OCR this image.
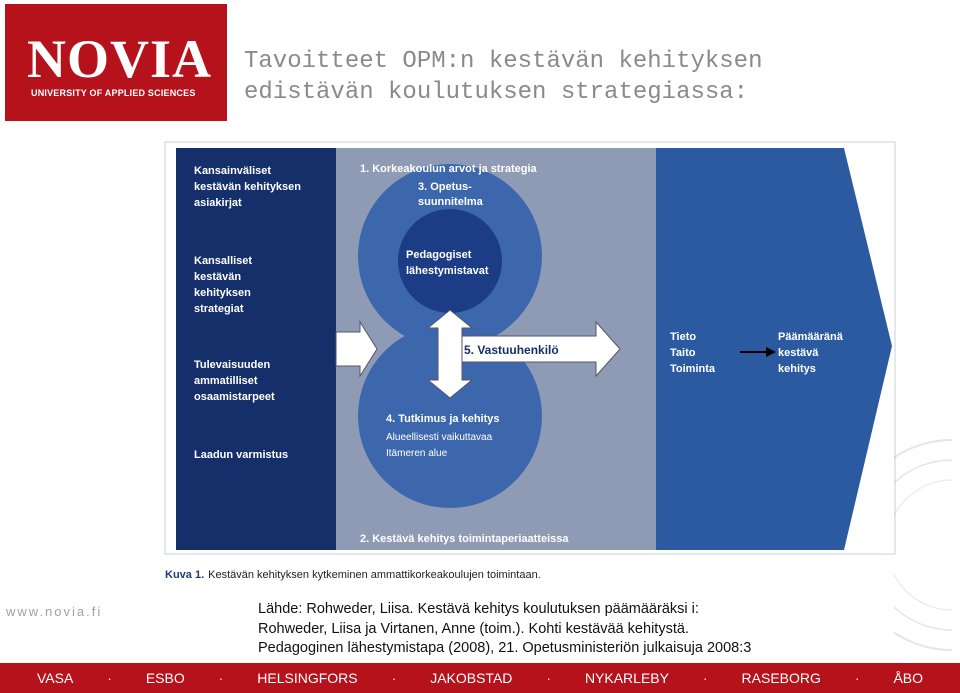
NOVIA
UNIVERSITY OF APPLIED SCIENCES
Tavoitteet OPM:n kestävän kehityksen
edistävän koulutuksen strategiassa:
Kansainväliset
kestävän kehityksen
asiakirjat
Kansalliset
kestävän
kehityksen
strategiat
Tulevaisuuden
ammatilliset
osaamistarpeet
Laadun varmistus
1. Korkeakoulun arvot ja strategia
3. Opetus-
suunnitelma
Pedagogiset
lähestymistavat
4. Tutkimus ja kehitys
2. Kestävä kehitys toimintaperiaatteissa
Tieto
Taito
Toiminta
Päämääränä
kestävä
kehitys
5. Vastuuhenkilö
Alueellisesti vaikuttavaa
Itämeren alue
Kuva 1. Kestävän kehityksen kytkeminen ammattikorkeakoulujen toimintaan.
www.novia.fi	Lähde: Rohweder, Liisa. Kestävä kehitys koulutuksen päämääräksi i:
Rohweder, Liisa ja Virtanen, Anne (toim.). Kohti kestävää kehitystä.
Pedagoginen lähestymistapa (2008), 21. Opetusministeriön julkaisuja 2008:3
VASA · ESBO · HELSINGFORS · JAKOBSTAD · NYKARLEBY · RASEBORG · ÅBO
